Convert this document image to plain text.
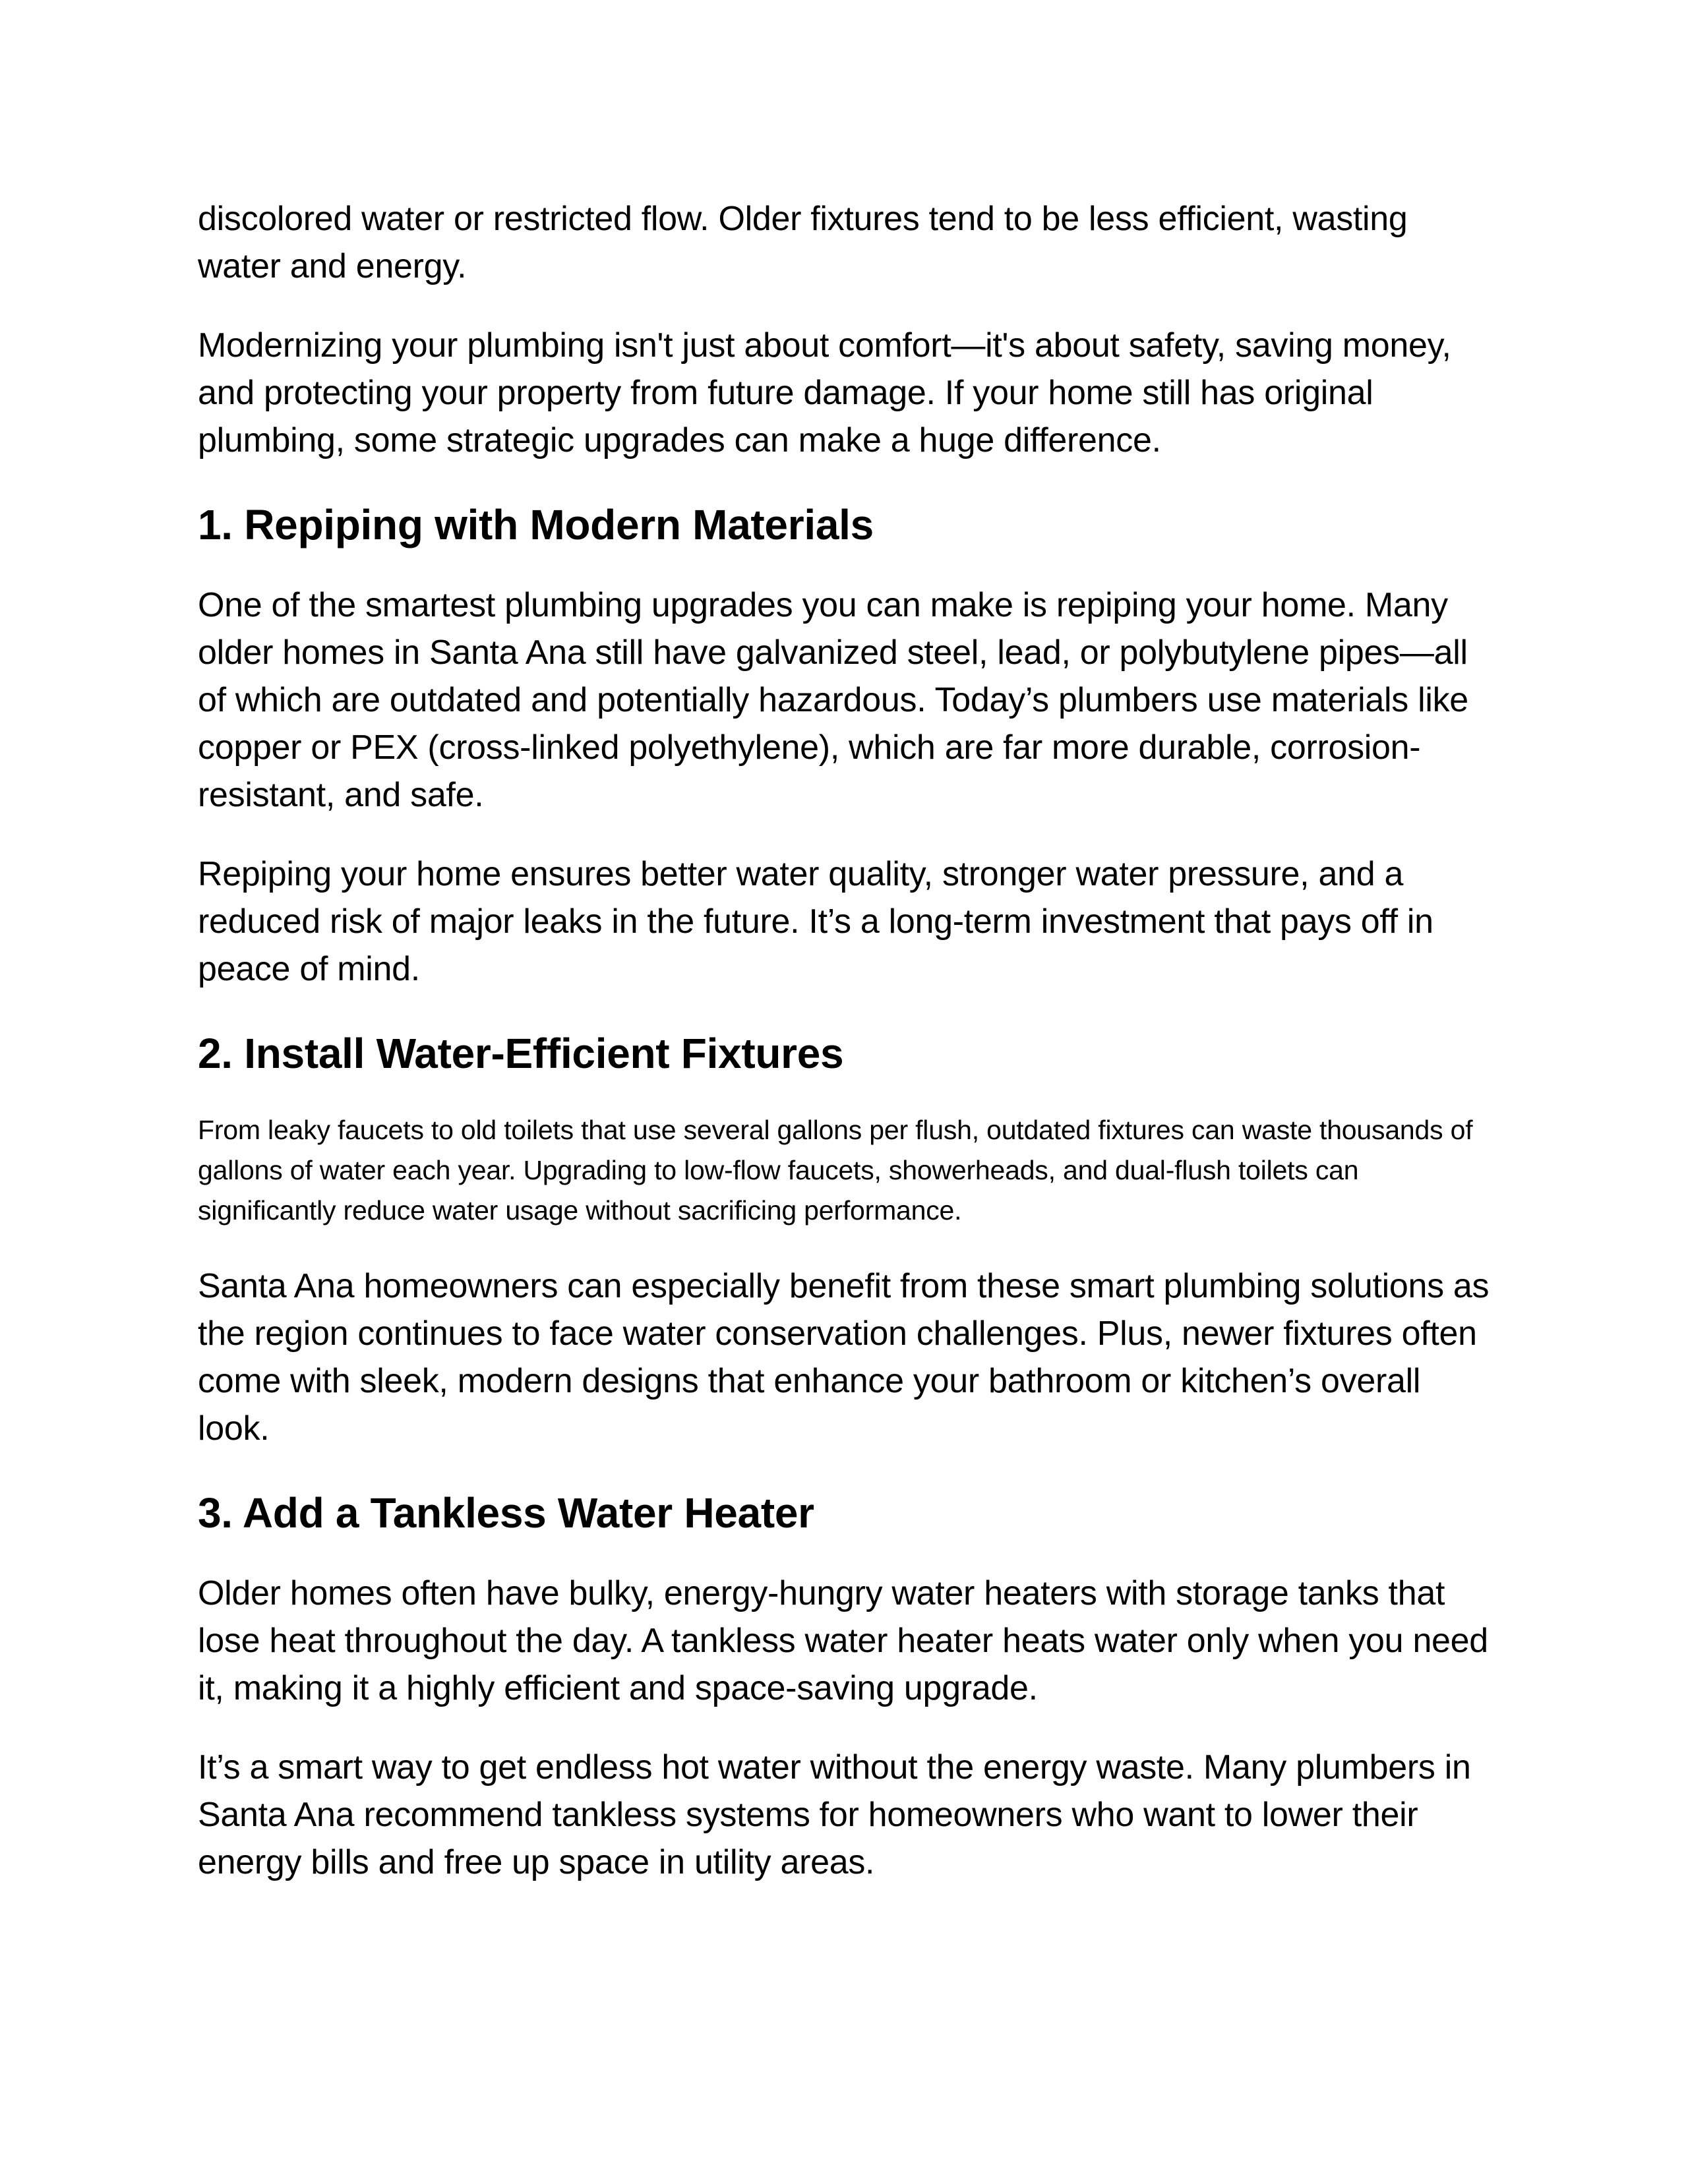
discolored water or restricted flow. Older fixtures tend to be less efficient, wasting water and energy.

Modernizing your plumbing isn't just about comfort—it's about safety, saving money, and protecting your property from future damage. If your home still has original plumbing, some strategic upgrades can make a huge difference.

1. Repiping with Modern Materials

One of the smartest plumbing upgrades you can make is repiping your home. Many older homes in Santa Ana still have galvanized steel, lead, or polybutylene pipes—all of which are outdated and potentially hazardous. Today’s plumbers use materials like copper or PEX (cross-linked polyethylene), which are far more durable, corrosion-resistant, and safe.

Repiping your home ensures better water quality, stronger water pressure, and a reduced risk of major leaks in the future. It’s a long-term investment that pays off in peace of mind.

2. Install Water-Efficient Fixtures

From leaky faucets to old toilets that use several gallons per flush, outdated fixtures can waste thousands of gallons of water each year. Upgrading to low-flow faucets, showerheads, and dual-flush toilets can significantly reduce water usage without sacrificing performance.

Santa Ana homeowners can especially benefit from these smart plumbing solutions as the region continues to face water conservation challenges. Plus, newer fixtures often come with sleek, modern designs that enhance your bathroom or kitchen’s overall look.

3. Add a Tankless Water Heater

Older homes often have bulky, energy-hungry water heaters with storage tanks that lose heat throughout the day. A tankless water heater heats water only when you need it, making it a highly efficient and space-saving upgrade.

It’s a smart way to get endless hot water without the energy waste. Many plumbers in Santa Ana recommend tankless systems for homeowners who want to lower their energy bills and free up space in utility areas.
